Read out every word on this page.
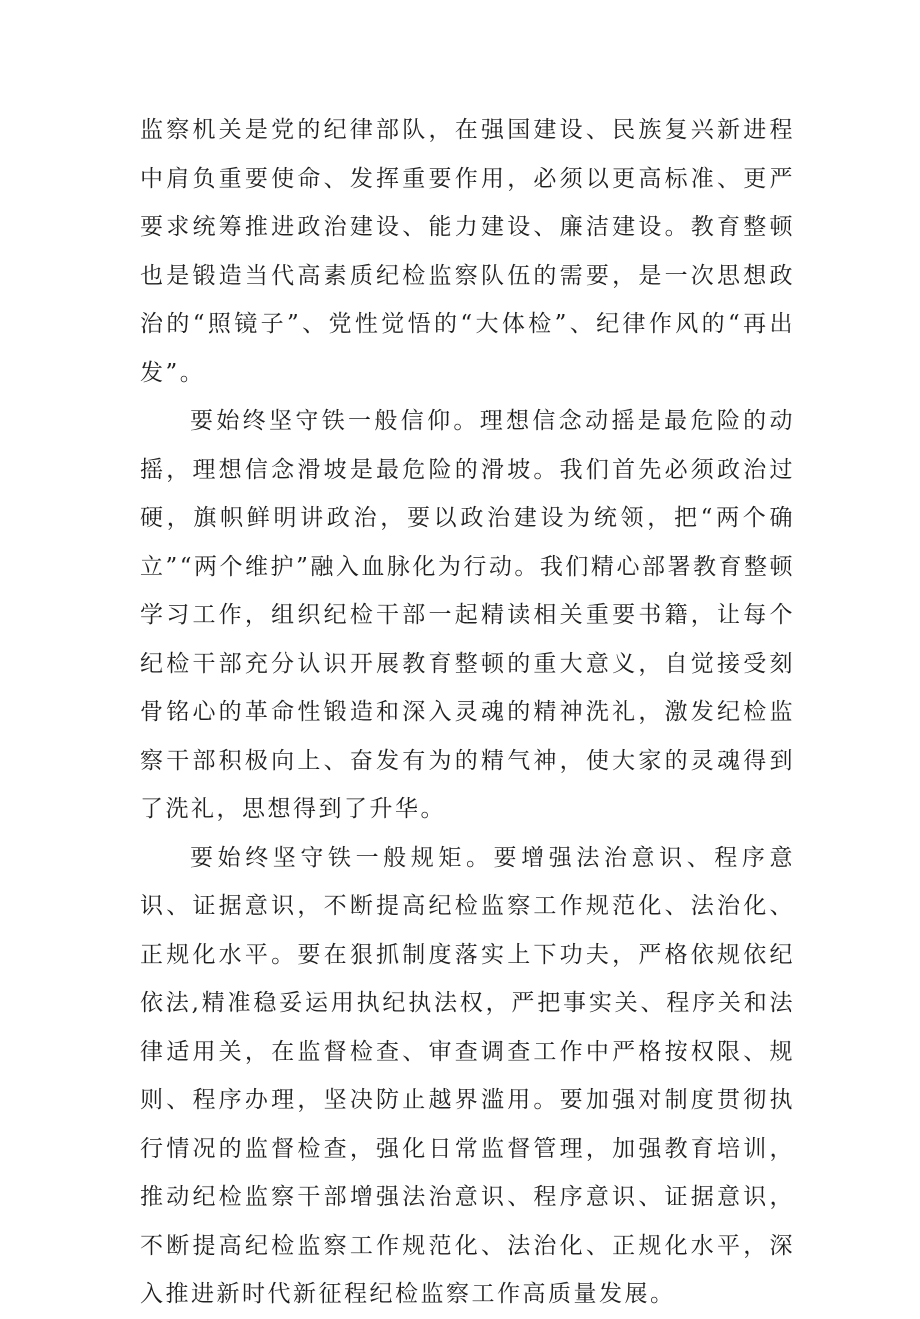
监察机关是党的纪律部队，在强国建设、民族复兴新进程中肩负重要使命、发挥重要作用，必须以更高标准、更严要求统筹推进政治建设、能力建设、廉洁建设。教育整顿也是锻造当代高素质纪检监察队伍的需要，是一次思想政治的“照镜子”、党性觉悟的“大体检”、纪律作风的“再出发”。

要始终坚守铁一般信仰。理想信念动摇是最危险的动摇，理想信念滑坡是最危险的滑坡。我们首先必须政治过硬，旗帜鲜明讲政治，要以政治建设为统领，把“两个确立”“两个维护”融入血脉化为行动。我们精心部署教育整顿学习工作，组织纪检干部一起精读相关重要书籍，让每个纪检干部充分认识开展教育整顿的重大意义，自觉接受刻骨铭心的革命性锻造和深入灵魂的精神洗礼，激发纪检监察干部积极向上、奋发有为的精气神，使大家的灵魂得到了洗礼，思想得到了升华。

要始终坚守铁一般规矩。要增强法治意识、程序意识、证据意识，不断提高纪检监察工作规范化、法治化、正规化水平。要在狠抓制度落实上下功夫，严格依规依纪依法,精准稳妥运用执纪执法权，严把事实关、程序关和法律适用关，在监督检查、审查调查工作中严格按权限、规则、程序办理，坚决防止越界滥用。要加强对制度贯彻执行情况的监督检查，强化日常监督管理，加强教育培训，推动纪检监察干部增强法治意识、程序意识、证据意识，不断提高纪检监察工作规范化、法治化、正规化水平，深入推进新时代新征程纪检监察工作高质量发展。
